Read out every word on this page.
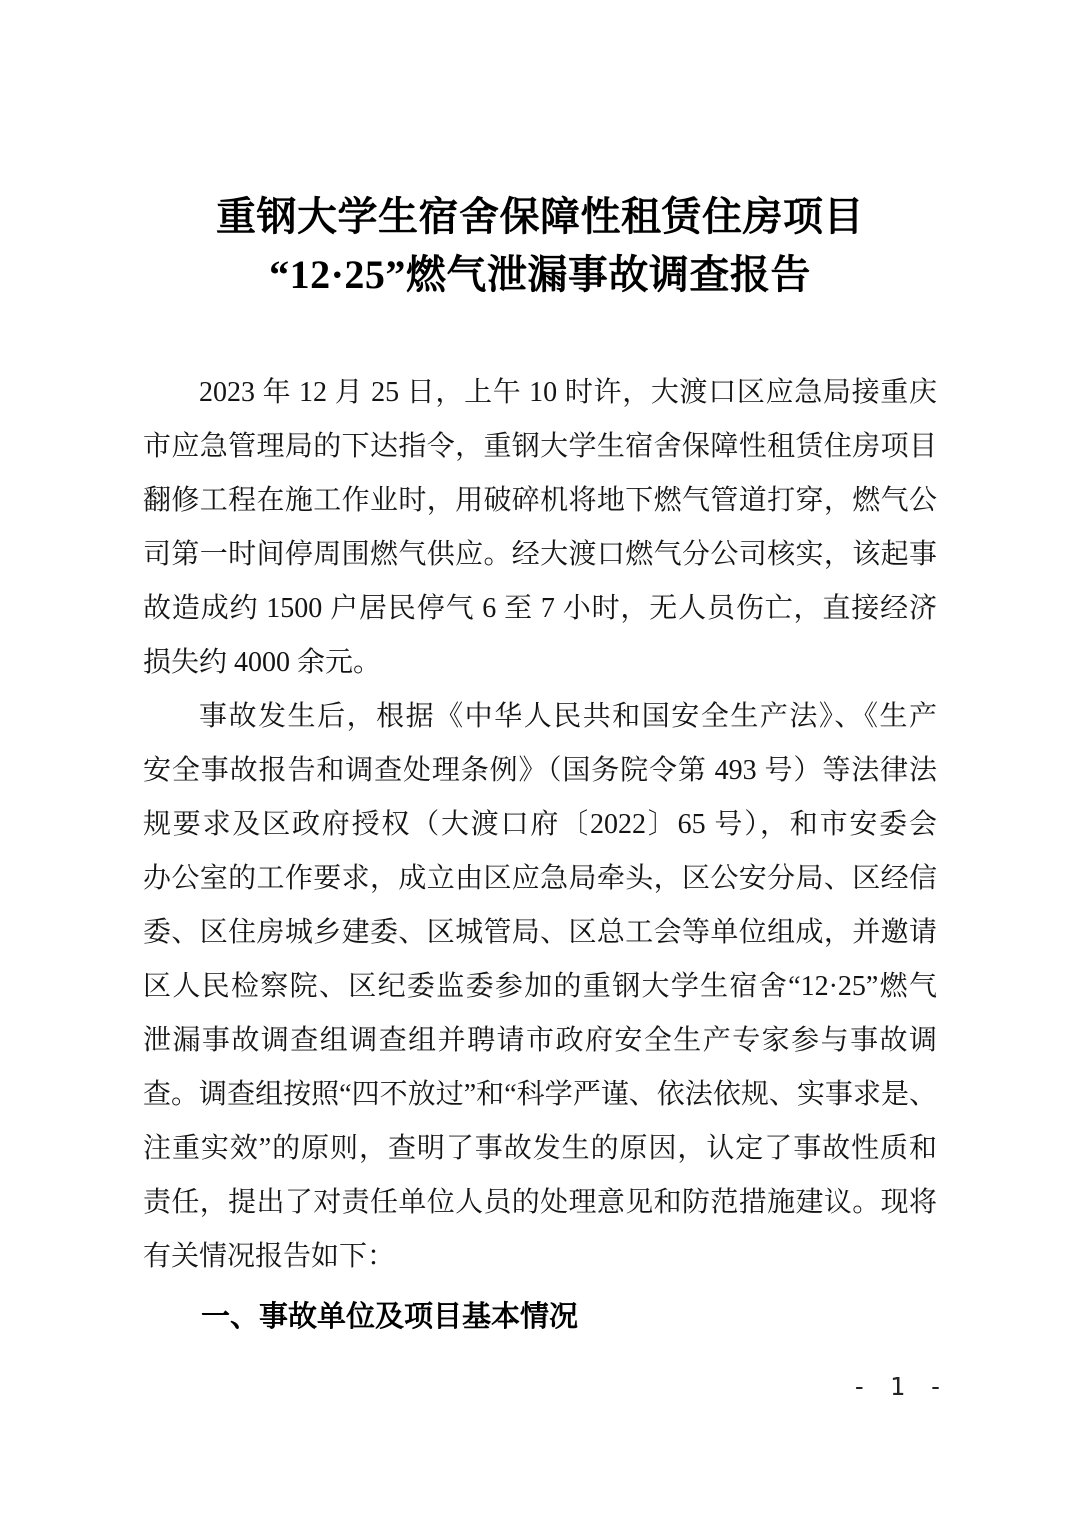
重钢大学生宿舍保障性租赁住房项目
“12·25”燃气泄漏事故调查报告
2023 年 12 月 25 日，上午 10 时许，大渡口区应急局接重庆
市应急管理局的下达指令，重钢大学生宿舍保障性租赁住房项目
翻修工程在施工作业时，用破碎机将地下燃气管道打穿，燃气公
司第一时间停周围燃气供应。经大渡口燃气分公司核实，该起事
故造成约 1500 户居民停气 6 至 7 小时，无人员伤亡，直接经济
损失约 4000 余元。
事故发生后，根据《中华人民共和国安全生产法》、《生产
安全事故报告和调查处理条例》（国务院令第 493 号）等法律法
规要求及区政府授权（大渡口府〔2022〕65 号），和市安委会
办公室的工作要求，成立由区应急局牵头，区公安分局、区经信
委、区住房城乡建委、区城管局、区总工会等单位组成，并邀请
区人民检察院、区纪委监委参加的重钢大学生宿舍“12·25”燃气
泄漏事故调查组调查组并聘请市政府安全生产专家参与事故调
查。调查组按照“四不放过”和“科学严谨、依法依规、实事求是、
注重实效”的原则，查明了事故发生的原因，认定了事故性质和
责任，提出了对责任单位人员的处理意见和防范措施建议。现将
有关情况报告如下：
一、事故单位及项目基本情况
- 1 -
